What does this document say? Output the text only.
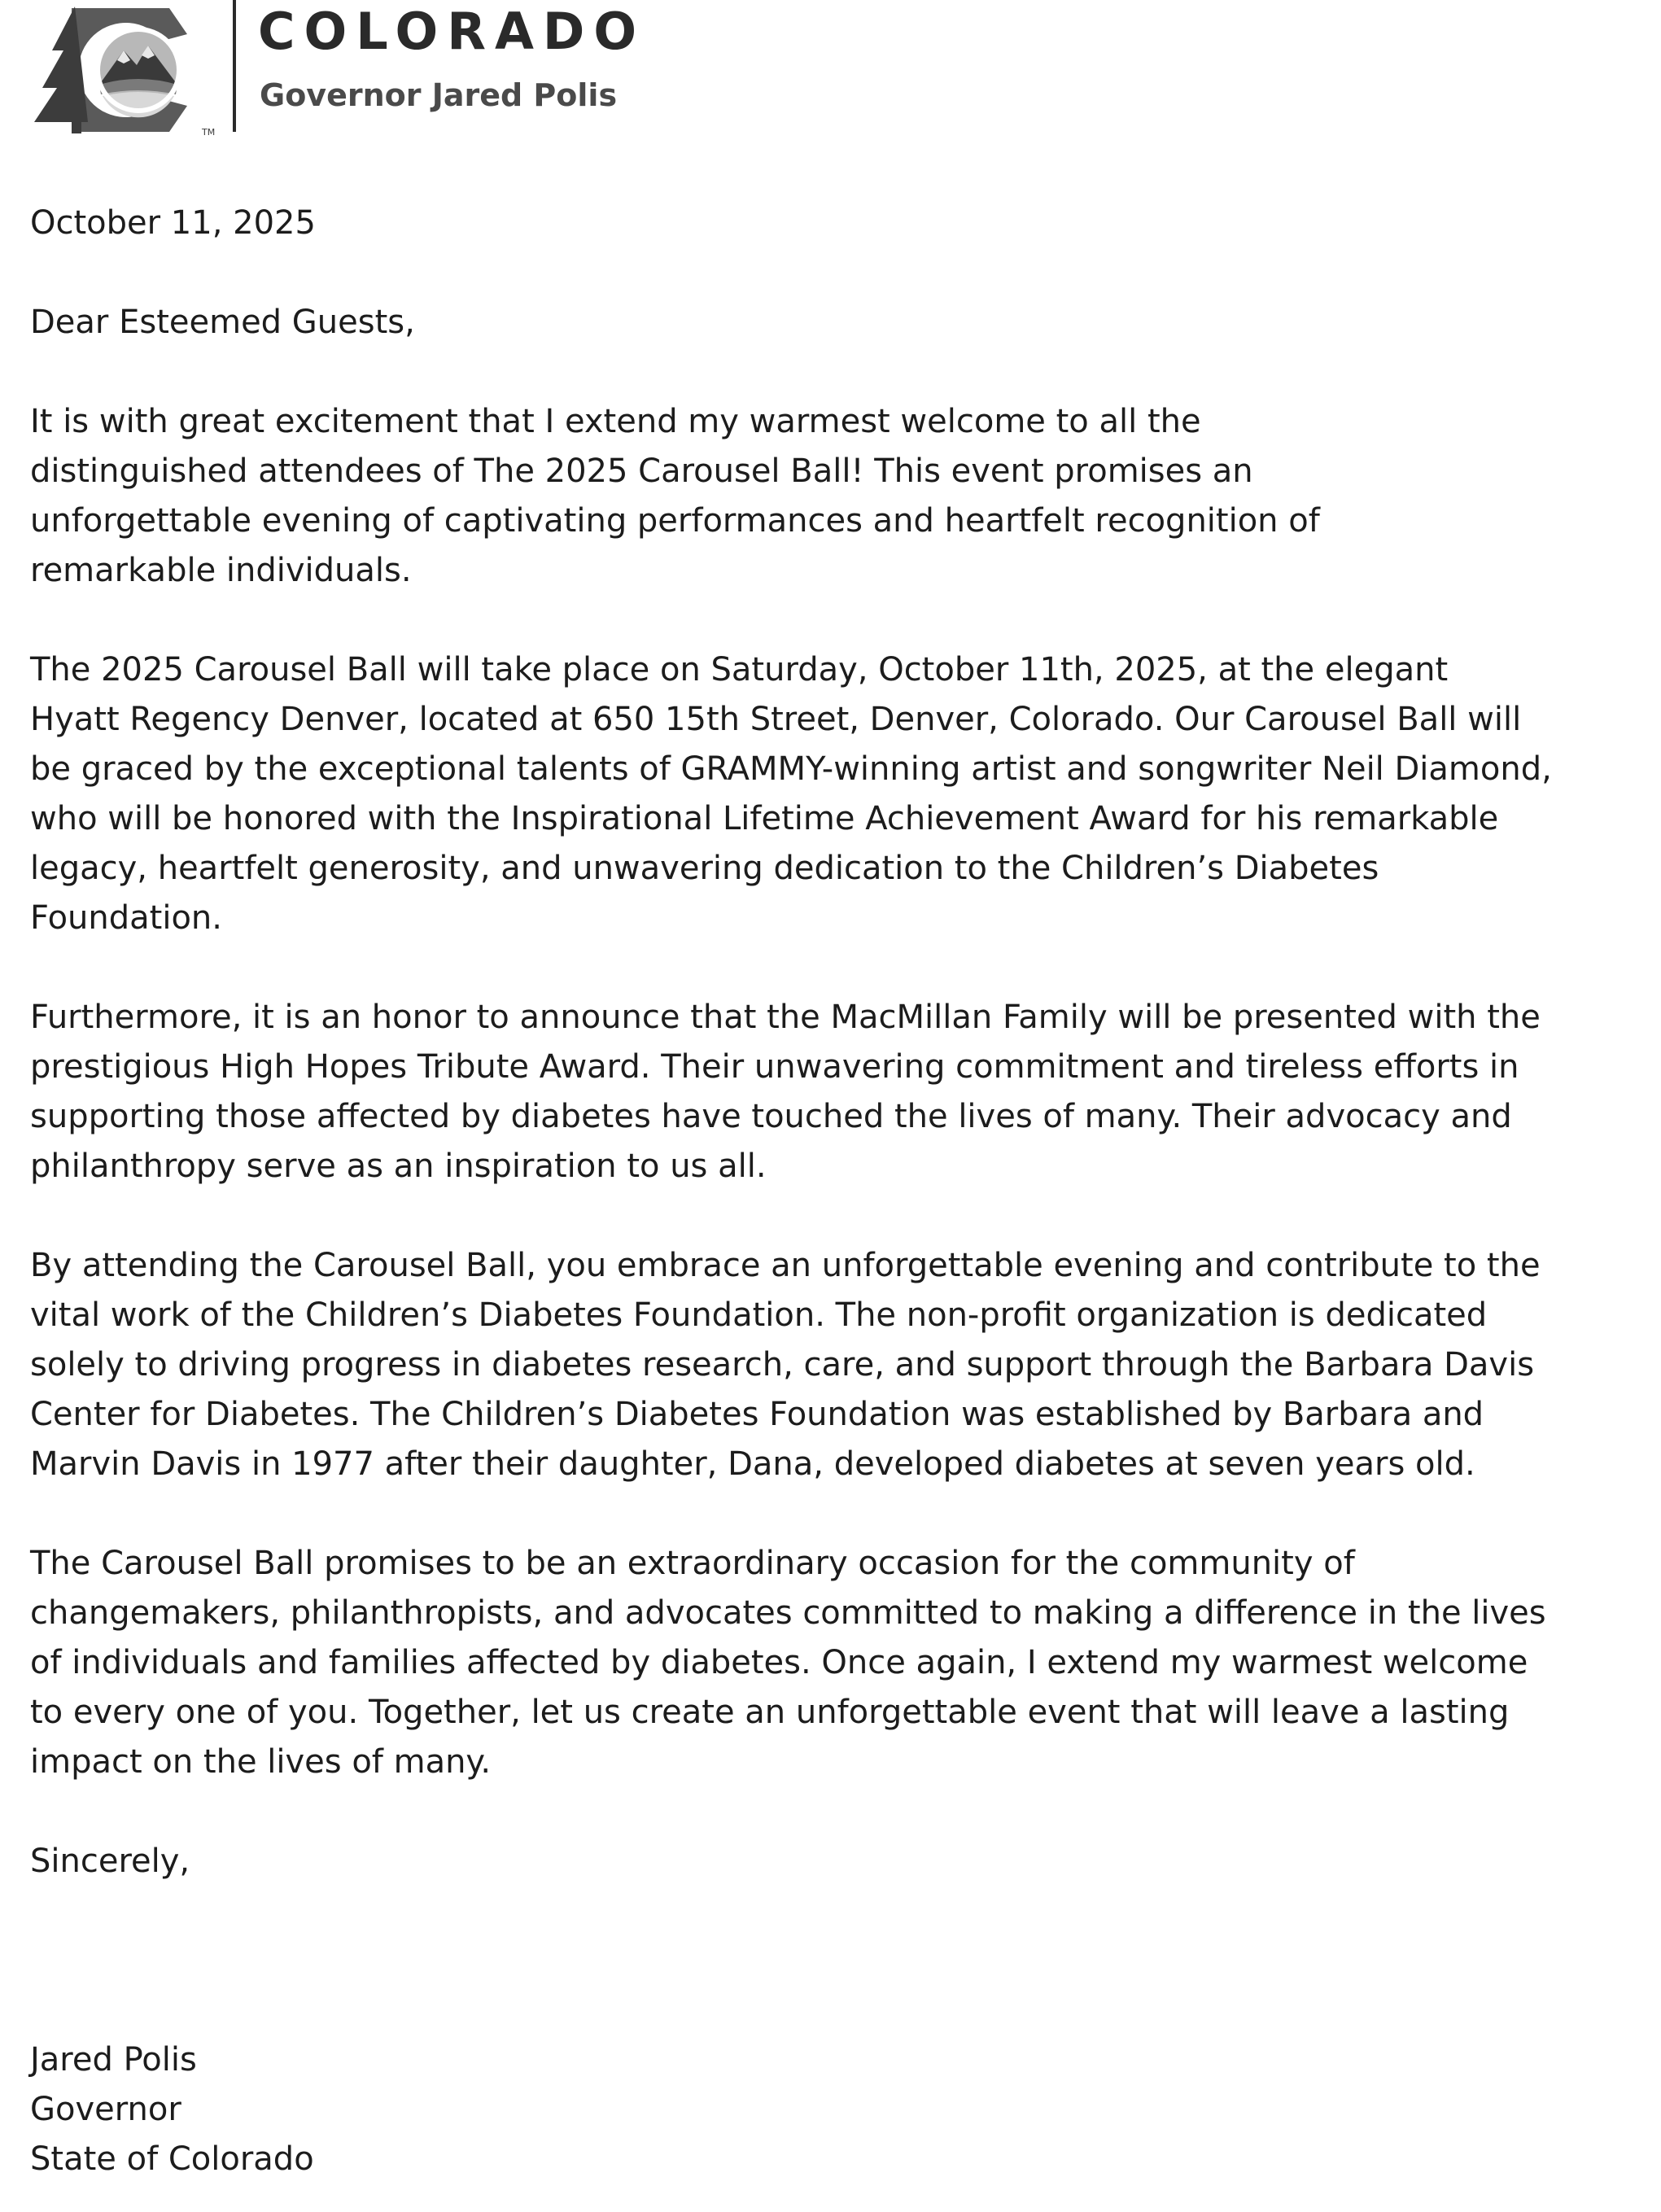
TM
COLORADO
Governor Jared Polis

October 11, 2025

Dear Esteemed Guests,

It is with great excitement that I extend my warmest welcome to all the
distinguished attendees of The 2025 Carousel Ball! This event promises an
unforgettable evening of captivating performances and heartfelt recognition of
remarkable individuals.

The 2025 Carousel Ball will take place on Saturday, October 11th, 2025, at the elegant
Hyatt Regency Denver, located at 650 15th Street, Denver, Colorado. Our Carousel Ball will
be graced by the exceptional talents of GRAMMY-winning artist and songwriter Neil Diamond,
who will be honored with the Inspirational Lifetime Achievement Award for his remarkable
legacy, heartfelt generosity, and unwavering dedication to the Children’s Diabetes
Foundation.

Furthermore, it is an honor to announce that the MacMillan Family will be presented with the
prestigious High Hopes Tribute Award. Their unwavering commitment and tireless efforts in
supporting those affected by diabetes have touched the lives of many. Their advocacy and
philanthropy serve as an inspiration to us all.

By attending the Carousel Ball, you embrace an unforgettable evening and contribute to the
vital work of the Children’s Diabetes Foundation. The non-profit organization is dedicated
solely to driving progress in diabetes research, care, and support through the Barbara Davis
Center for Diabetes. The Children’s Diabetes Foundation was established by Barbara and
Marvin Davis in 1977 after their daughter, Dana, developed diabetes at seven years old.

The Carousel Ball promises to be an extraordinary occasion for the community of
changemakers, philanthropists, and advocates committed to making a difference in the lives
of individuals and families affected by diabetes. Once again, I extend my warmest welcome
to every one of you. Together, let us create an unforgettable event that will leave a lasting
impact on the lives of many.

Sincerely,

Jared Polis

Governor

State of Colorado
